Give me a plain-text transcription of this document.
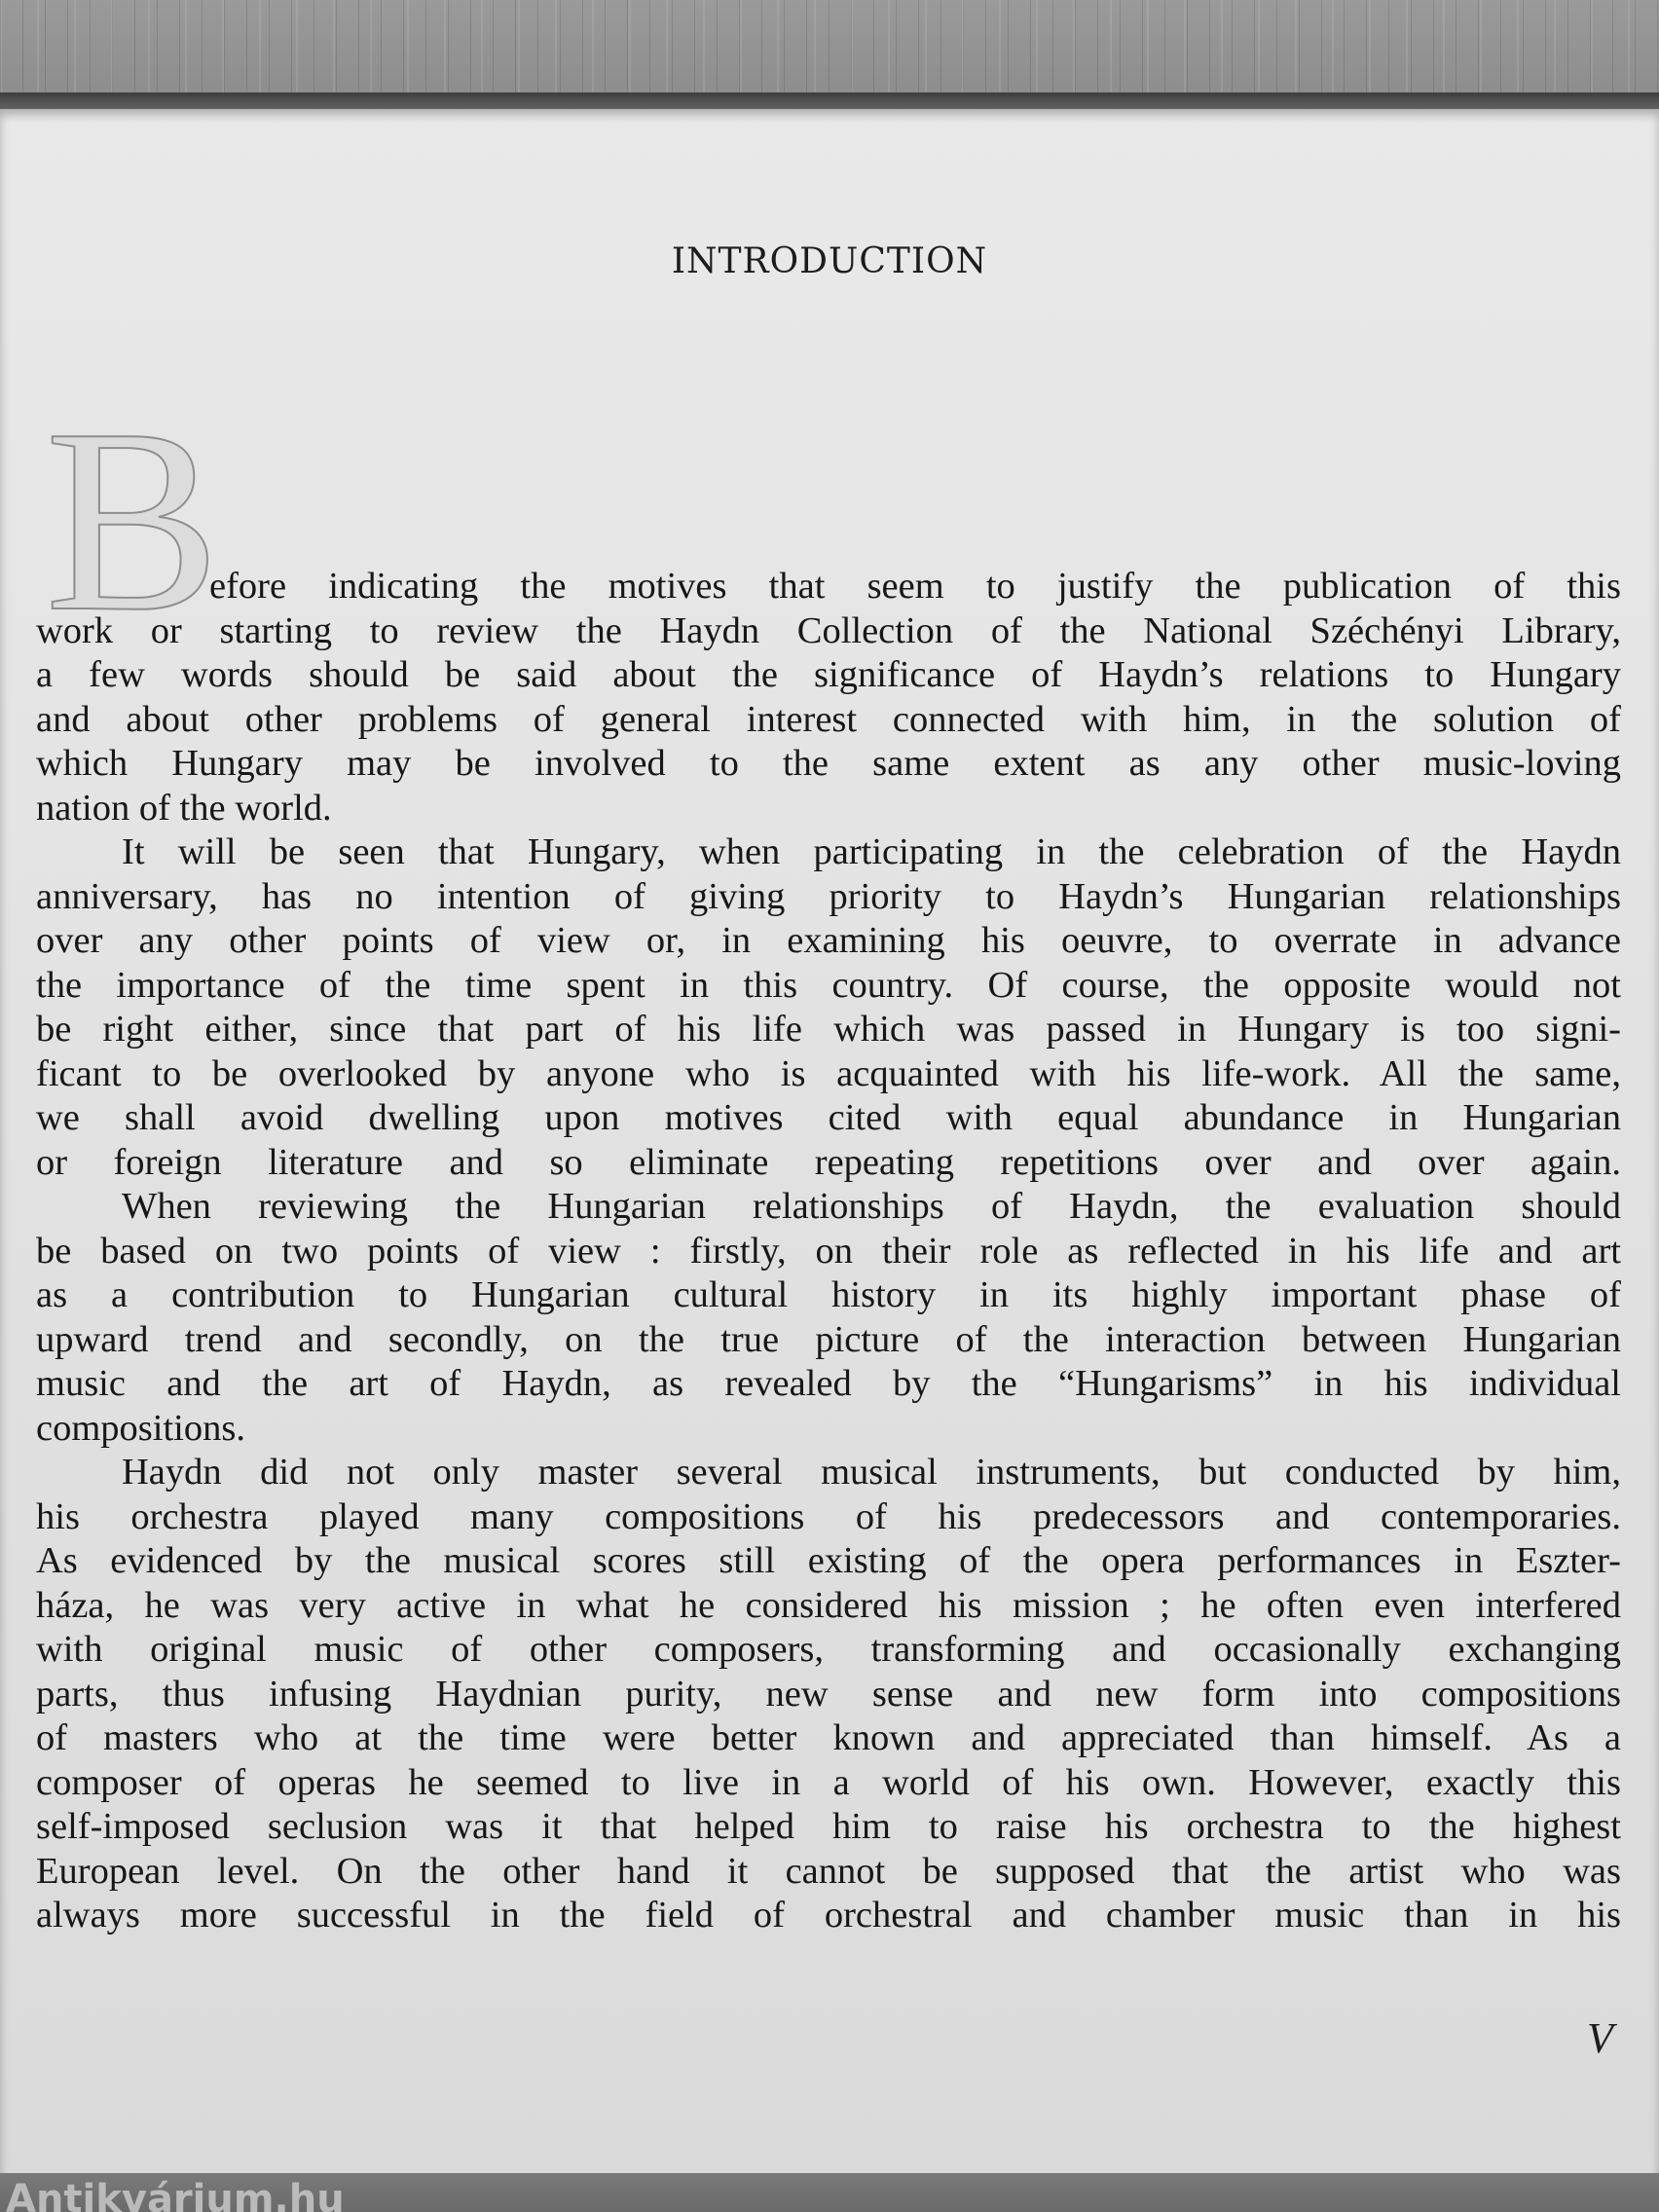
INTRODUCTION
B
efore indicating the motives that seem to justify the publication of this
work or starting to review the Haydn Collection of the National Széchényi Library,
a few words should be said about the significance of Haydn’s relations to Hungary
and about other problems of general interest connected with him, in the solution of
which Hungary may be involved to the same extent as any other music-loving
nation of the world.
It will be seen that Hungary, when participating in the celebration of the Haydn
anniversary, has no intention of giving priority to Haydn’s Hungarian relationships
over any other points of view or, in examining his oeuvre, to overrate in advance
the importance of the time spent in this country. Of course, the opposite would not
be right either, since that part of his life which was passed in Hungary is too signi-
ficant to be overlooked by anyone who is acquainted with his life-work. All the same,
we shall avoid dwelling upon motives cited with equal abundance in Hungarian
or foreign literature and so eliminate repeating repetitions over and over again.
When reviewing the Hungarian relationships of Haydn, the evaluation should
be based on two points of view : firstly, on their role as reflected in his life and art
as a contribution to Hungarian cultural history in its highly important phase of
upward trend and secondly, on the true picture of the interaction between Hungarian
music and the art of Haydn, as revealed by the “Hungarisms” in his individual
compositions.
Haydn did not only master several musical instruments, but conducted by him,
his orchestra played many compositions of his predecessors and contemporaries.
As evidenced by the musical scores still existing of the opera performances in Eszter-
háza, he was very active in what he considered his mission ; he often even interfered
with original music of other composers, transforming and occasionally exchanging
parts, thus infusing Haydnian purity, new sense and new form into compositions
of masters who at the time were better known and appreciated than himself. As a
composer of operas he seemed to live in a world of his own. However, exactly this
self-imposed seclusion was it that helped him to raise his orchestra to the highest
European level. On the other hand it cannot be supposed that the artist who was
always more successful in the field of orchestral and chamber music than in his
V
Antikvárium.hu
